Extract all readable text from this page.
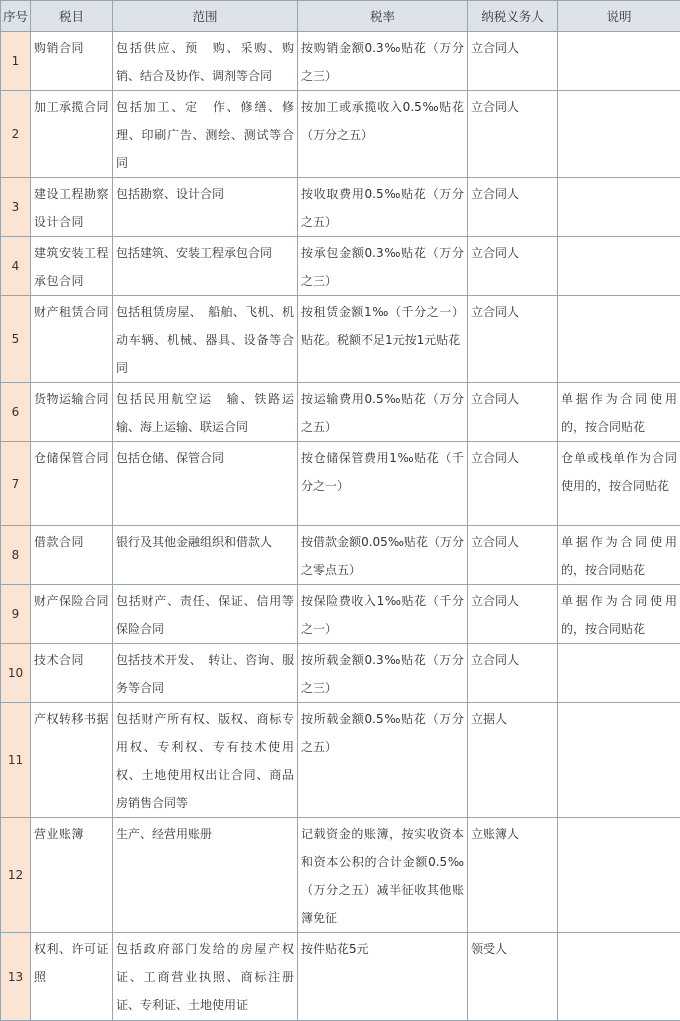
序号	税目	范围	税率	纳税义务人	说明
1	购销合同	包括供应、预　购、采购、购销、结合及协作、调剂等合同	按购销金额0.3‰贴花（万分之三）	立合同人	
2	加工承揽合同	包括加工、定　作、修缮、修理、印刷广告、测绘、测试等合同	按加工或承揽收入0.5‰贴花（万分之五）	立合同人	
3	建设工程勘察设计合同	包括勘察、设计合同	按收取费用0.5‰贴花（万分之五）	立合同人	
4	建筑安装工程承包合同	包括建筑、安装工程承包合同	按承包金额0.3‰贴花（万分之三）	立合同人	
5	财产租赁合同	包括租赁房屋、　船舶、飞机、机动车辆、机械、器具、设备等合同	按租赁金额1‰（千分之一）贴花。税额不足1元按1元贴花	立合同人	
6	货物运输合同	包括民用航空运　输、铁路运输、海上运输、联运合同	按运输费用0.5‰贴花（万分之五）	立合同人	单据作为合同使用的，按合同贴花
7	仓储保管合同	包括仓储、保管合同	按仓储保管费用1‰贴花（千分之一）	立合同人	仓单或栈单作为合同使用的，按合同贴花
8	借款合同	银行及其他金融组织和借款人	按借款金额0.05‰贴花（万分之零点五）	立合同人	单据作为合同使用的，按合同贴花
9	财产保险合同	包括财产、责任、保证、信用等保险合同	按保险费收入1‰贴花（千分之一）	立合同人	单据作为合同使用的，按合同贴花
10	技术合同	包括技术开发、　转让、咨询、服务等合同	按所载金额0.3‰贴花（万分之三）	立合同人	
11	产权转移书据	包括财产所有权、版权、商标专用权、专利权、专有技术使用权、土地使用权出让合同、商品房销售合同等	按所载金额0.5‰贴花（万分之五）	立据人	
12	营业账簿	生产、经营用账册	记载资金的账簿，按实收资本和资本公积的合计金额0.5‰（万分之五）减半征收其他账簿免征	立账簿人	
13	权利、许可证照	包括政府部门发给的房屋产权证、工商营业执照、商标注册证、专利证、土地使用证	按件贴花5元	领受人	
